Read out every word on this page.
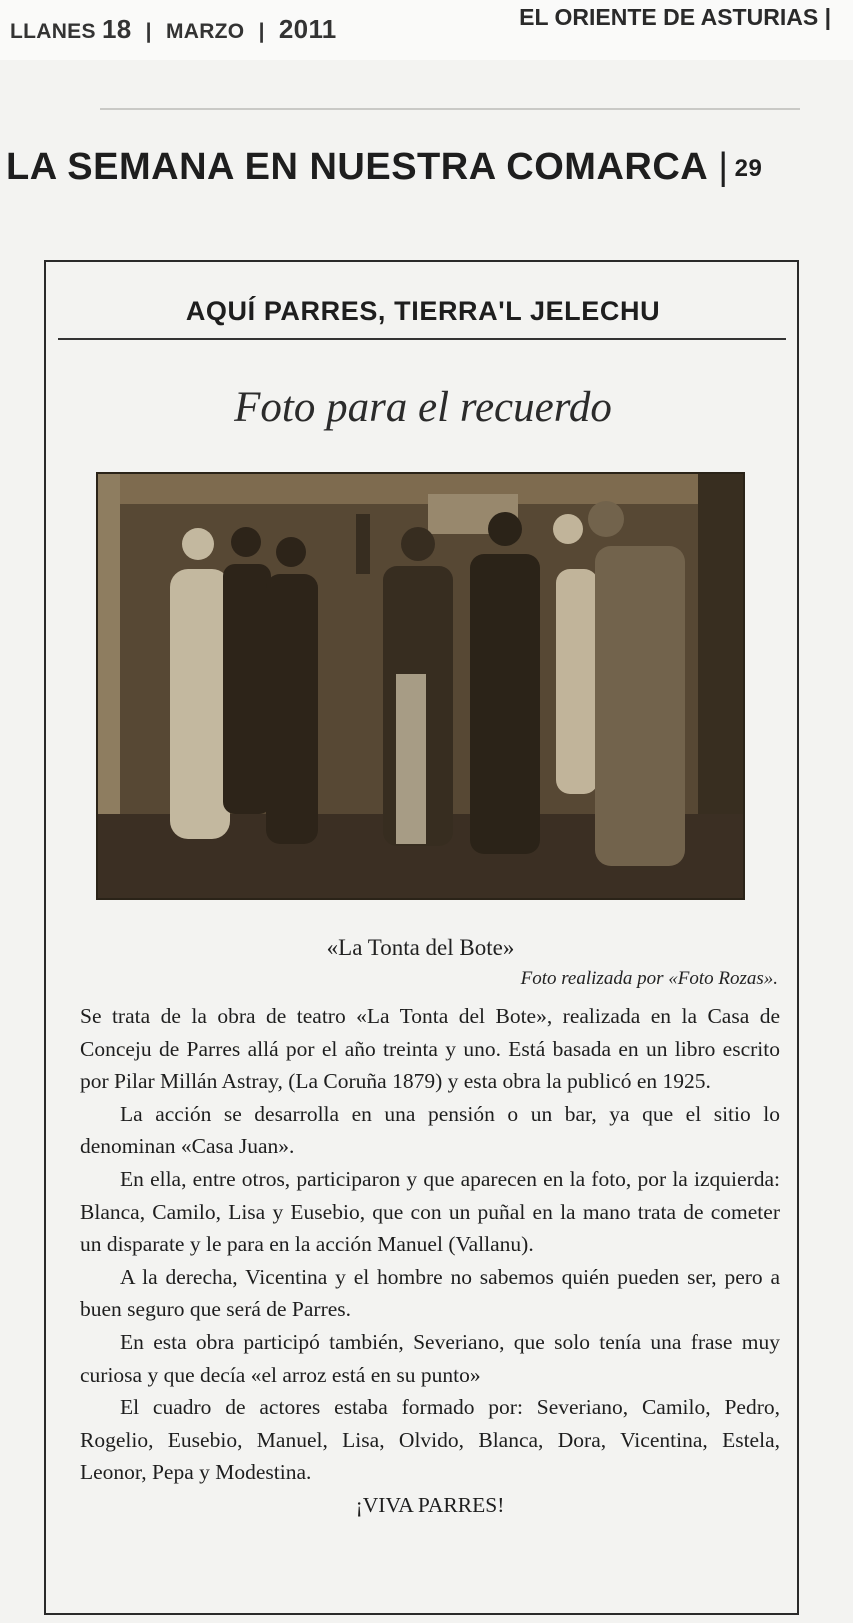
LLANES 18 | MARZO | 2011	EL ORIENTE DE ASTURIAS |
LA SEMANA EN NUESTRA COMARCA | 29
AQUÍ PARRES, TIERRA'L JELECHU
Foto para el recuerdo
«La Tonta del Bote»
Foto realizada por «Foto Rozas».

Se trata de la obra de teatro «La Tonta del Bote», realizada en la Casa de Conceju de Parres allá por el año treinta y uno. Está basada en un libro escrito por Pilar Millán Astray, (La Coruña 1879) y esta obra la publicó en 1925.

La acción se desarrolla en una pensión o un bar, ya que el sitio lo denominan «Casa Juan».

En ella, entre otros, participaron y que aparecen en la foto, por la izquierda: Blanca, Camilo, Lisa y Eusebio, que con un puñal en la mano trata de cometer un disparate y le para en la acción Manuel (Vallanu).

A la derecha, Vicentina y el hombre no sabemos quién pueden ser, pero a buen seguro que será de Parres.

En esta obra participó también, Severiano, que solo tenía una frase muy curiosa y que decía «el arroz está en su punto»

El cuadro de actores estaba formado por: Severiano, Camilo, Pedro, Rogelio, Eusebio, Manuel, Lisa, Olvido, Blanca, Dora, Vicentina, Estela, Leonor, Pepa y Modestina.

¡VIVA PARRES!
